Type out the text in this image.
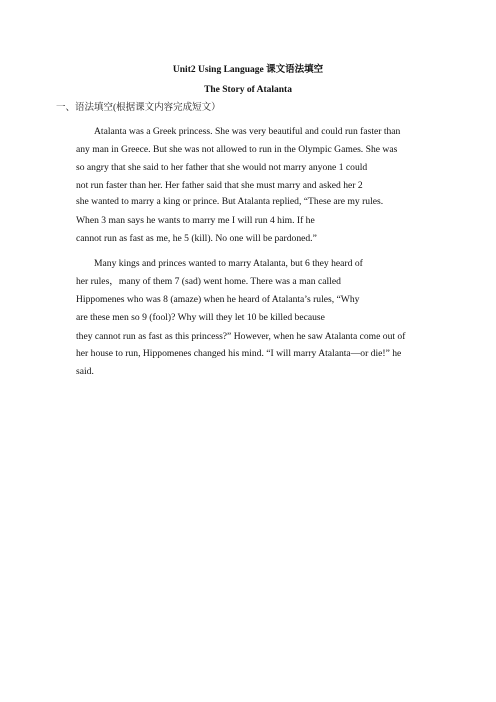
Unit2 Using Language 课文语法填空
The Story of Atalanta
一、语法填空(根据课文内容完成短文）
Atalanta was a Greek princess. She was very beautiful and could run faster than
any man in Greece. But she was not allowed to run in the Olympic Games. She was
so angry that she said to her father that she would not marry anyone 1 could
not run faster than her. Her father said that she must marry and asked her 2
she wanted to marry a king or prince. But Atalanta replied, “These are my rules.
When 3 man says he wants to marry me I will run 4 him. If he
cannot run as fast as me, he 5 (kill). No one will be pardoned.”
Many kings and princes wanted to marry Atalanta, but 6 they heard of
her rules，many of them 7 (sad) went home. There was a man called
Hippomenes who was 8 (amaze) when he heard of Atalanta’s rules, “Why
are these men so 9 (fool)? Why will they let 10 be killed because
they cannot run as fast as this princess?” However, when he saw Atalanta come out of
her house to run, Hippomenes changed his mind. “I will marry Atalanta—or die!” he
said.
